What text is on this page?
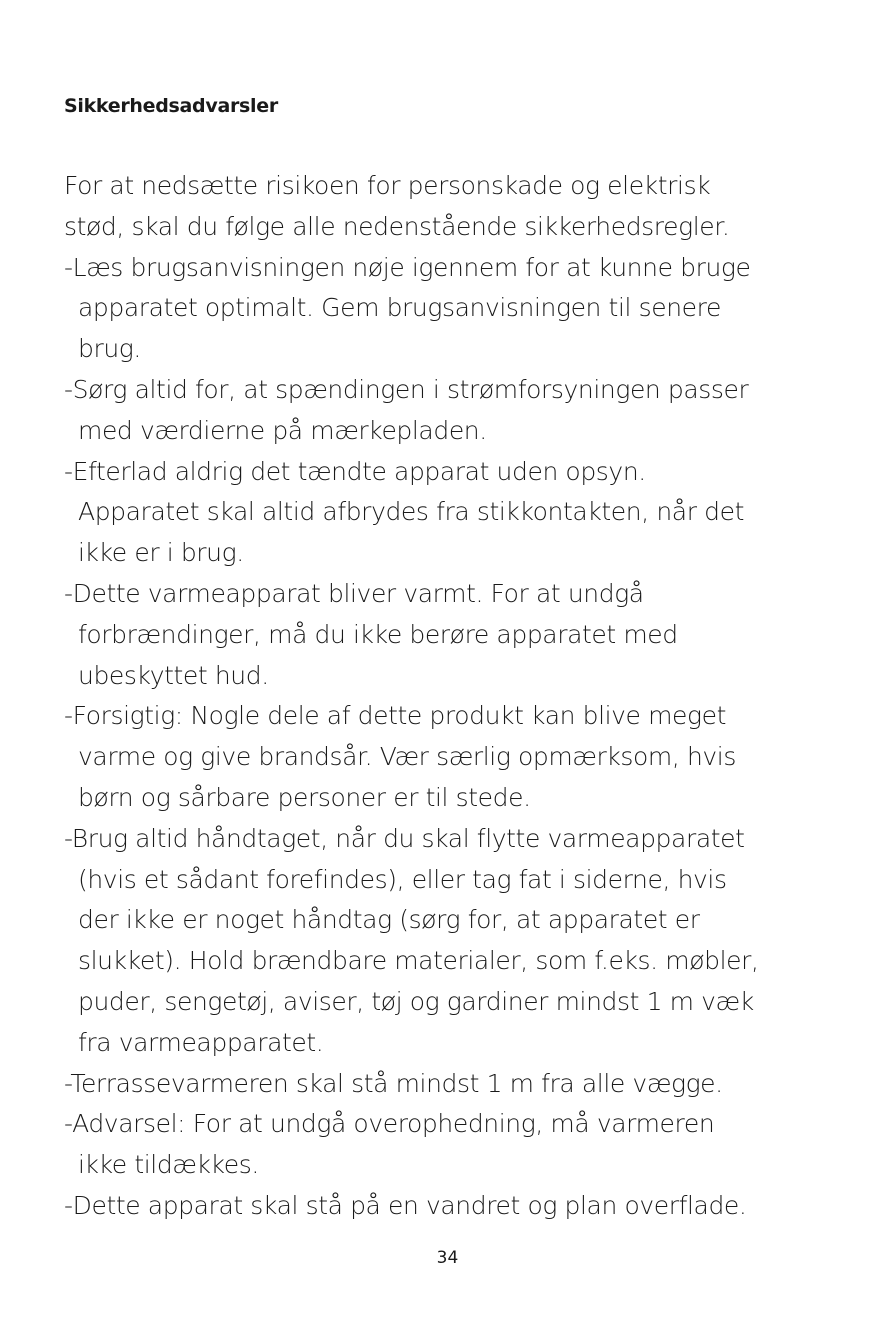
Sikkerhedsadvarsler
For at nedsætte risikoen for personskade og elektrisk
stød, skal du følge alle nedenstående sikkerhedsregler.
-Læs brugsanvisningen nøje igennem for at kunne bruge
apparatet optimalt. Gem brugsanvisningen til senere
brug.
-Sørg altid for, at spændingen i strømforsyningen passer
med værdierne på mærkepladen.
-Efterlad aldrig det tændte apparat uden opsyn.
Apparatet skal altid afbrydes fra stikkontakten, når det
ikke er i brug.
-Dette varmeapparat bliver varmt. For at undgå
forbrændinger, må du ikke berøre apparatet med
ubeskyttet hud.
-Forsigtig: Nogle dele af dette produkt kan blive meget
varme og give brandsår. Vær særlig opmærksom, hvis
børn og sårbare personer er til stede.
-Brug altid håndtaget, når du skal flytte varmeapparatet
(hvis et sådant forefindes), eller tag fat i siderne, hvis
der ikke er noget håndtag (sørg for, at apparatet er
slukket). Hold brændbare materialer, som f.eks. møbler,
puder, sengetøj, aviser, tøj og gardiner mindst 1 m væk
fra varmeapparatet.
-Terrassevarmeren skal stå mindst 1 m fra alle vægge.
-Advarsel: For at undgå overophedning, må varmeren
ikke tildækkes.
-Dette apparat skal stå på en vandret og plan overflade.
34
